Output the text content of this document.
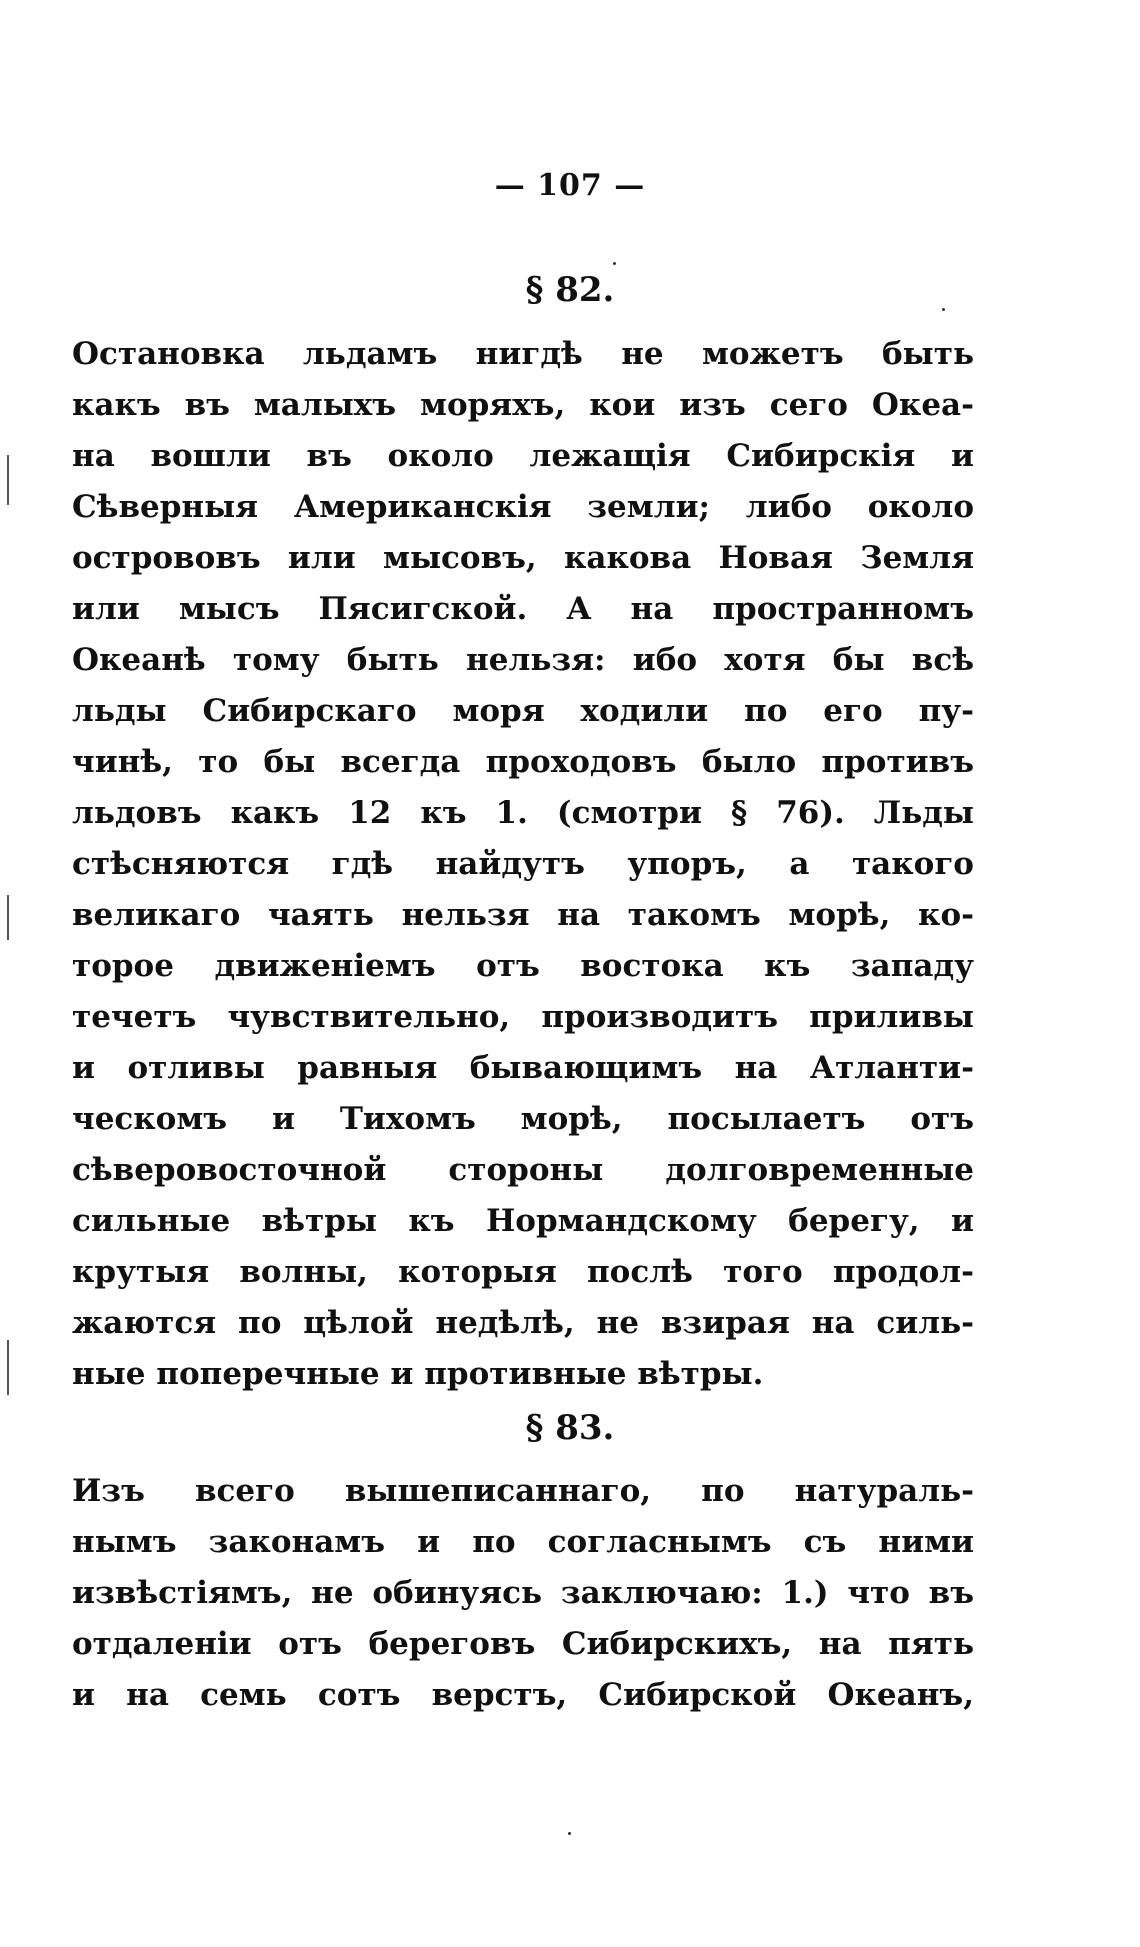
— 107 —
§ 82.
Остановка льдамъ нигдѣ не можетъ быть
какъ въ малыхъ моряхъ, кои изъ сего Океа-
на вошли въ около лежащія Сибирскія и
Сѣверныя Американскія земли; либо около
острововъ или мысовъ, какова Новая Земля
или мысъ Пясигской. А на пространномъ
Океанѣ тому быть нельзя: ибо хотя бы всѣ
льды Сибирскаго моря ходили по его пу-
чинѣ, то бы всегда проходовъ было противъ
льдовъ какъ 12 къ 1. (смотри § 76). Льды
стѣсняются гдѣ найдутъ упоръ, а такого
великаго чаять нельзя на такомъ морѣ, ко-
торое движеніемъ отъ востока къ западу
течетъ чувствительно, производитъ приливы
и отливы равныя бывающимъ на Атланти-
ческомъ и Тихомъ морѣ, посылаетъ отъ
сѣверовосточной стороны долговременные
сильные вѣтры къ Нормандскому берегу, и
крутыя волны, которыя послѣ того продол-
жаются по цѣлой недѣлѣ, не взирая на силь-
ные поперечные и противные вѣтры.
§ 83.
Изъ всего вышеписаннаго, по натураль-
нымъ законамъ и по согласнымъ съ ними
извѣстіямъ, не обинуясь заключаю: 1.) что въ
отдаленіи отъ береговъ Сибирскихъ, на пять
и на семь сотъ верстъ, Сибирской Океанъ,
